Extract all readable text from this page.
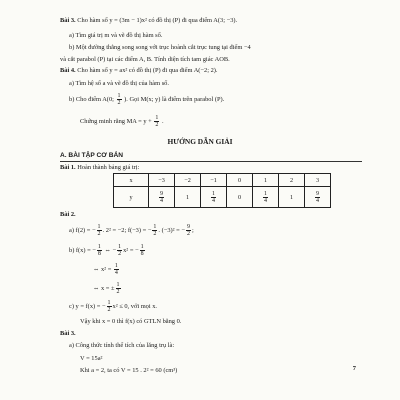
Bài 3. Cho hàm số y = (3m − 1)x² có đồ thị (P) đi qua điểm A(3; −3).
a) Tìm giá trị m và vẽ đồ thị hàm số.
b) Một đường thẳng song song với trục hoành cắt trục tung tại điểm −4
và cắt parabol (P) tại các điểm A, B. Tính diện tích tam giác AOB.
Bài 4. Cho hàm số y = ax² có đồ thị (P) đi qua điểm A(−2; 2).
a) Tìm hệ số a và vẽ đồ thị của hàm số.
b) Cho điểm A(0; $\frac{1}{2}$ ). Gọi M(x; y) là điểm trên parabol (P).
Chứng minh rằng MA = $y + \frac{1}{2}$ .
HƯỚNG DẪN GIẢI
A. BÀI TẬP CƠ BẢN
Bài 1. Hoàn thành bảng giá trị:
x	−3	−2	−1	0	1	2	3
y	$\frac{9}{4}$	1	$\frac{1}{4}$	0	$\frac{1}{4}$	1	$\frac{9}{4}$
Bài 2.
a) f(2) = − $\frac{1}{2}$ . 2² = −2; f(−3) = − $\frac{1}{2}$ . (−3)² = − $\frac{9}{2}$ ;
b) f(x) = − $\frac{1}{8}$ ⇔ − $\frac{1}{2} x^2$ = − $\frac{1}{8}$
⇔ $x^2 = \frac{1}{4}$
⇔ x = ± $\frac{1}{2}$
c) y = f(x) = − $\frac{1}{2} x^2 \le 0$, với mọi x.
Vậy khi x = 0 thì f(x) có GTLN bằng 0.
Bài 3.
a) Công thức tính thể tích của lăng trụ là:
V = 15a²
Khi a = 2, ta có V = 15 . 2² = 60 (cm³)	7
